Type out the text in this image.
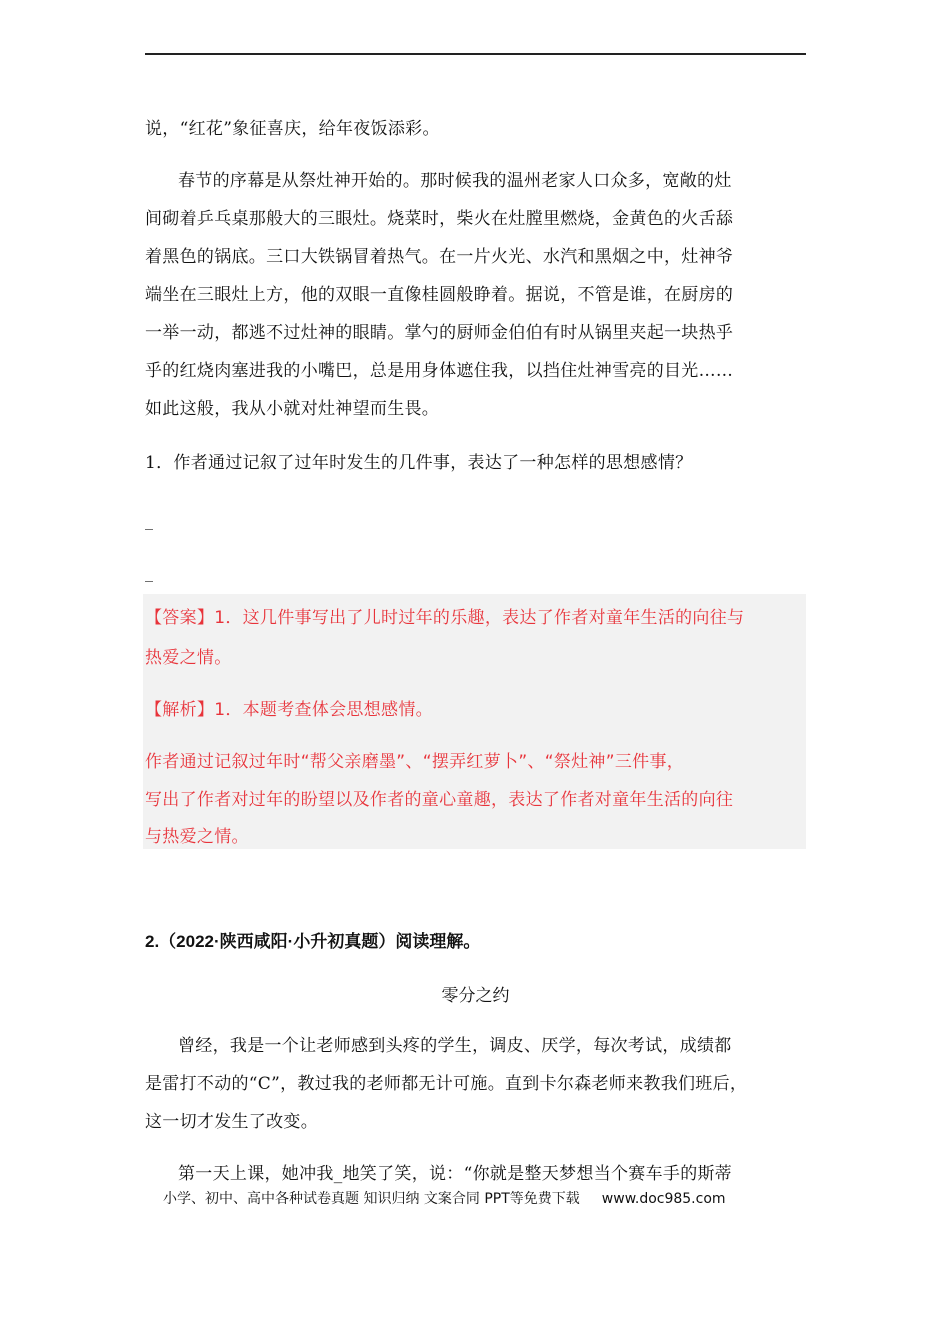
说，“红花”象征喜庆，给年夜饭添彩。
春节的序幕是从祭灶神开始的。那时候我的温州老家人口众多，宽敞的灶
间砌着乒乓桌那般大的三眼灶。烧菜时，柴火在灶膛里燃烧，金黄色的火舌舔
着黑色的锅底。三口大铁锅冒着热气。在一片火光、水汽和黑烟之中，灶神爷
端坐在三眼灶上方，他的双眼一直像桂圆般睁着。据说，不管是谁，在厨房的
一举一动，都逃不过灶神的眼睛。掌勺的厨师金伯伯有时从锅里夹起一块热乎
乎的红烧肉塞进我的小嘴巴，总是用身体遮住我，以挡住灶神雪亮的目光……
如此这般，我从小就对灶神望而生畏。
1．作者通过记叙了过年时发生的几件事，表达了一种怎样的思想感情？
_
_
【答案】1．这几件事写出了儿时过年的乐趣，表达了作者对童年生活的向往与
热爱之情。
【解析】1．本题考查体会思想感情。
作者通过记叙过年时“帮父亲磨墨”、“摆弄红萝卜”、“祭灶神”三件事，
写出了作者对过年的盼望以及作者的童心童趣，表达了作者对童年生活的向往
与热爱之情。
2.（2022·陕西咸阳·小升初真题）阅读理解。
零分之约
曾经，我是一个让老师感到头疼的学生，调皮、厌学，每次考试，成绩都
是雷打不动的“C”，教过我的老师都无计可施。直到卡尔森老师来教我们班后，
这一切才发生了改变。
第一天上课，她冲我_地笑了笑，说：“你就是整天梦想当个赛车手的斯蒂
小学、初中、高中各种试卷真题 知识归纳 文案合同 PPT等免费下载 www.doc985.com
